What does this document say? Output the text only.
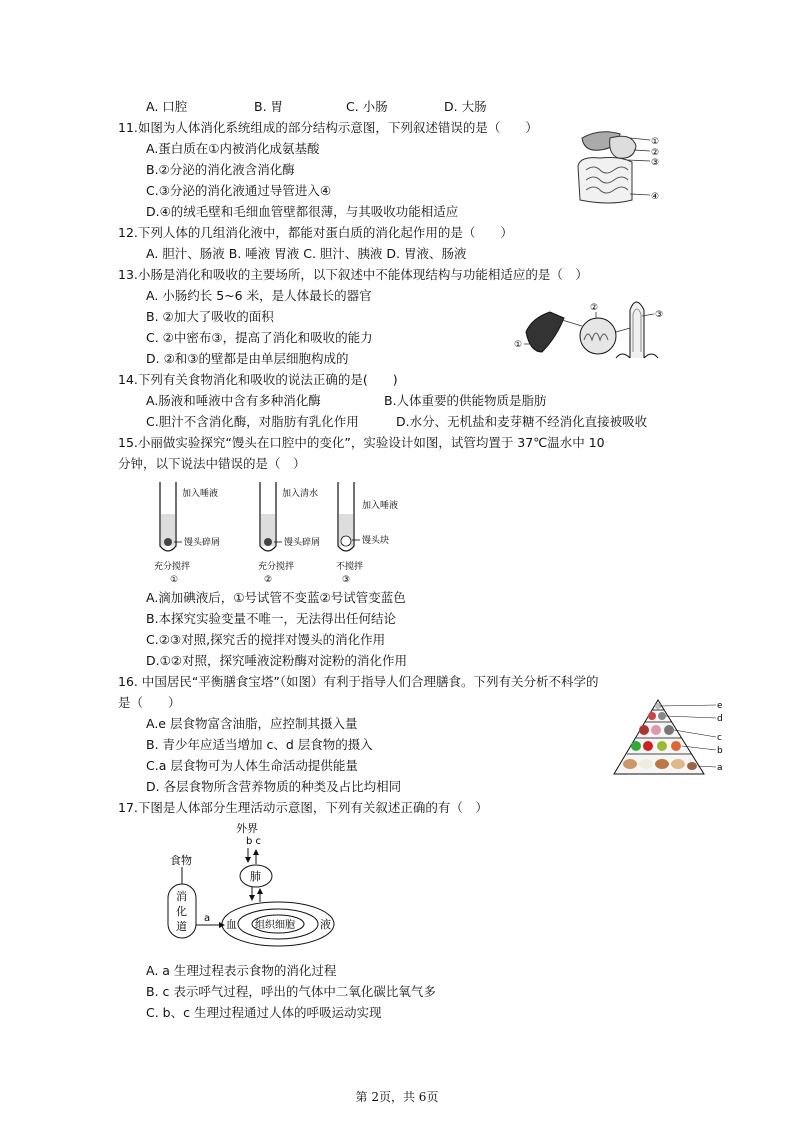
A. 口腔	B. 胃	C. 小肠	D. 大肠
11.如图为人体消化系统组成的部分结构示意图，下列叙述错误的是（　　）
A.蛋白质在①内被消化成氨基酸
B.②分泌的消化液含消化酶
C.③分泌的消化液通过导管进入④
D.④的绒毛壁和毛细血管壁都很薄，与其吸收功能相适应
①
②
③
④
12.下列人体的几组消化液中，都能对蛋白质的消化起作用的是（　　）
A. 胆汁、肠液 B. 唾液 胃液 C. 胆汁、胰液 D. 胃液、肠液
13.小肠是消化和吸收的主要场所，以下叙述中不能体现结构与功能相适应的是（　）
A. 小肠约长 5~6 米，是人体最长的器官
B. ②加大了吸收的面积
C. ②中密布③，提高了消化和吸收的能力
D. ②和③的壁都是由单层细胞构成的
①
②
③
14.下列有关食物消化和吸收的说法正确的是(　　)
A.肠液和唾液中含有多种消化酶	B.人体重要的供能物质是脂肪
C.胆汁不含消化酶，对脂肪有乳化作用	D.水分、无机盐和麦芽糖不经消化直接被吸收
15.小丽做实验探究“馒头在口腔中的变化”，实验设计如图，试管均置于 37℃温水中 10
分钟，以下说法中错误的是（　）
加入唾液
馒头碎屑
充分搅拌
①
加入清水
馒头碎屑
充分搅拌
②
加入唾液
馒头块
不搅拌
③
A.滴加碘液后，①号试管不变蓝②号试管变蓝色
B.本探究实验变量不唯一，无法得出任何结论
C.②③对照,探究舌的搅拌对馒头的消化作用
D.①②对照，探究唾液淀粉酶对淀粉的消化作用
16. 中国居民“平衡膳食宝塔”（如图）有利于指导人们合理膳食。下列有关分析不科学的
是（　　）
A.e 层食物富含油脂，应控制其摄入量
B. 青少年应适当增加 c、d 层食物的摄入
C.a 层食物可为人体生命活动提供能量
D. 各层食物所含营养物质的种类及占比均相同
e
d
c
b
a
17.下图是人体部分生理活动示意图，下列有关叙述正确的有（　）
外界
b c
肺
食物
消
化
道
a 血 组织细胞 液
A. a 生理过程表示食物的消化过程
B. c 表示呼气过程，呼出的气体中二氧化碳比氧气多
C. b、c 生理过程通过人体的呼吸运动实现
第 2页，共 6页
